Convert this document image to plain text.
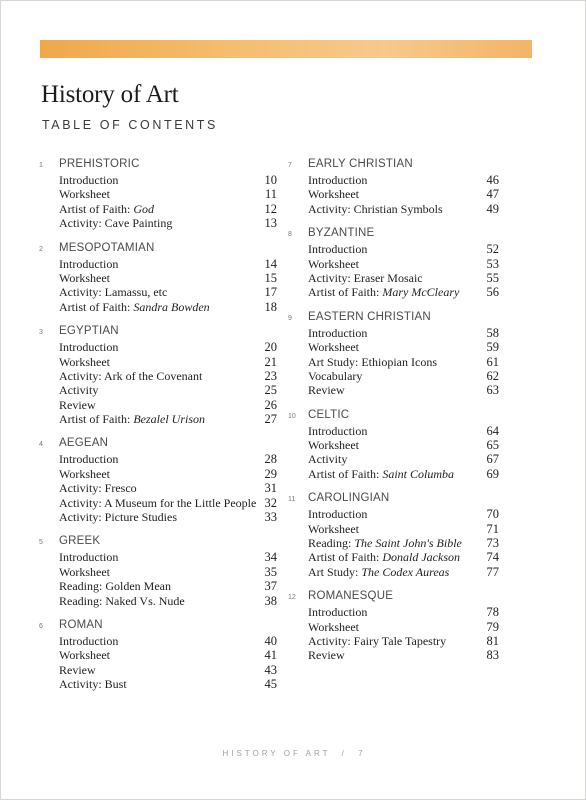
History of Art
TABLE OF CONTENTS
1	PREHISTORIC
Introduction	10
Worksheet	11
Artist of Faith: God	12
Activity: Cave Painting	13
2	MESOPOTAMIAN
Introduction	14
Worksheet	15
Activity: Lamassu, etc	17
Artist of Faith: Sandra Bowden	18
3	EGYPTIAN
Introduction	20
Worksheet	21
Activity: Ark of the Covenant	23
Activity	25
Review	26
Artist of Faith: Bezalel Urison	27
4	AEGEAN
Introduction	28
Worksheet	29
Activity: Fresco	31
Activity: A Museum for the Little People 32
Activity: Picture Studies	33
5	GREEK
Introduction	34
Worksheet	35
Reading: Golden Mean	37
Reading: Naked Vs. Nude	38
6	ROMAN
Introduction	40
Worksheet	41
Review	43
Activity: Bust	45
7	EARLY CHRISTIAN
Introduction	46
Worksheet	47
Activity: Christian Symbols	49
8	BYZANTINE
Introduction	52
Worksheet	53
Activity: Eraser Mosaic	55
Artist of Faith: Mary McCleary 56
9	EASTERN CHRISTIAN
Introduction	58
Worksheet	59
Art Study: Ethiopian Icons	61
Vocabulary	62
Review	63
10	CELTIC
Introduction	64
Worksheet	65
Activity	67
Artist of Faith: Saint Columba	69
11	CAROLINGIAN
Introduction	70
Worksheet	71
Reading: The Saint John's Bible 73
Artist of Faith: Donald Jackson 74
Art Study: The Codex Aureas	77
12	ROMANESQUE
Introduction	78
Worksheet	79
Activity: Fairy Tale Tapestry	81
Review	83
HISTORY OF ART / 7
